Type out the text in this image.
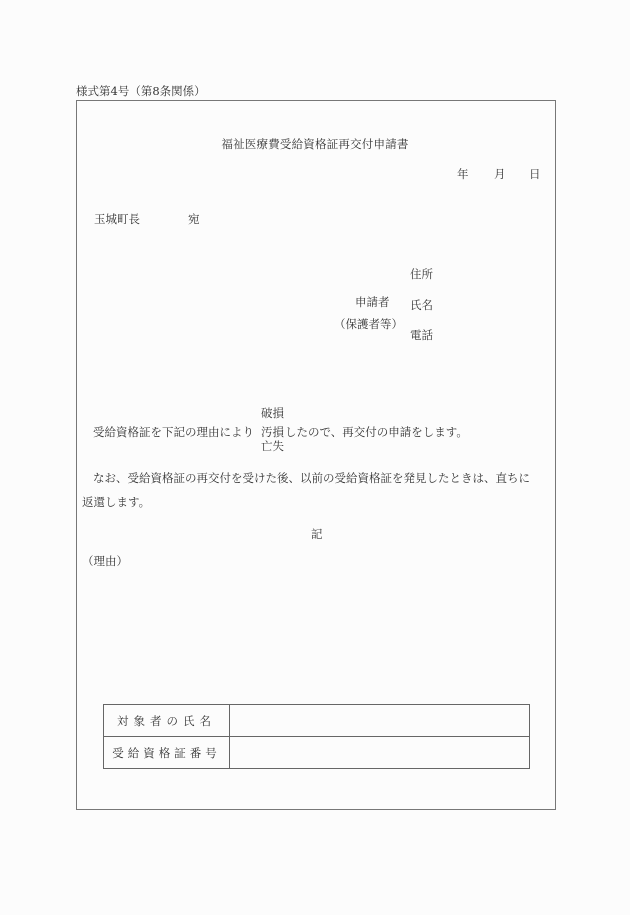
様式第4号（第8条関係）
福祉医療費受給資格証再交付申請書
年 月 日
玉城町長	宛
住所
申請者 氏名
（保護者等）
電話
破損
受給資格証を下記の理由により 汚損 したので、再交付の申請をします。
亡失
なお、受給資格証の再交付を受けた後、以前の受給資格証を発見したときは、直ちに
返還します。
記
（理由）
対象者の氏名	
受給資格証番号	
